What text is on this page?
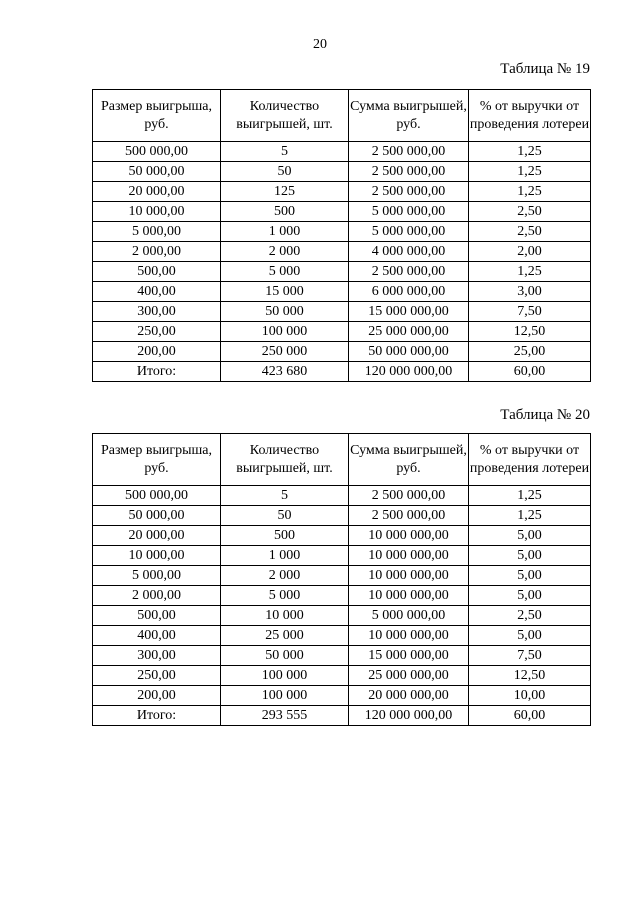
20
Таблица № 19
Размер выигрыша, руб.	Количество выигрышей, шт.	Сумма выигрышей, руб.	% от выручки от проведения лотереи
500 000,00	5	2 500 000,00	1,25
50 000,00	50	2 500 000,00	1,25
20 000,00	125	2 500 000,00	1,25
10 000,00	500	5 000 000,00	2,50
5 000,00	1 000	5 000 000,00	2,50
2 000,00	2 000	4 000 000,00	2,00
500,00	5 000	2 500 000,00	1,25
400,00	15 000	6 000 000,00	3,00
300,00	50 000	15 000 000,00	7,50
250,00	100 000	25 000 000,00	12,50
200,00	250 000	50 000 000,00	25,00
Итого:	423 680	120 000 000,00	60,00
Таблица № 20
Размер выигрыша, руб.	Количество выигрышей, шт.	Сумма выигрышей, руб.	% от выручки от проведения лотереи
500 000,00	5	2 500 000,00	1,25
50 000,00	50	2 500 000,00	1,25
20 000,00	500	10 000 000,00	5,00
10 000,00	1 000	10 000 000,00	5,00
5 000,00	2 000	10 000 000,00	5,00
2 000,00	5 000	10 000 000,00	5,00
500,00	10 000	5 000 000,00	2,50
400,00	25 000	10 000 000,00	5,00
300,00	50 000	15 000 000,00	7,50
250,00	100 000	25 000 000,00	12,50
200,00	100 000	20 000 000,00	10,00
Итого:	293 555	120 000 000,00	60,00
